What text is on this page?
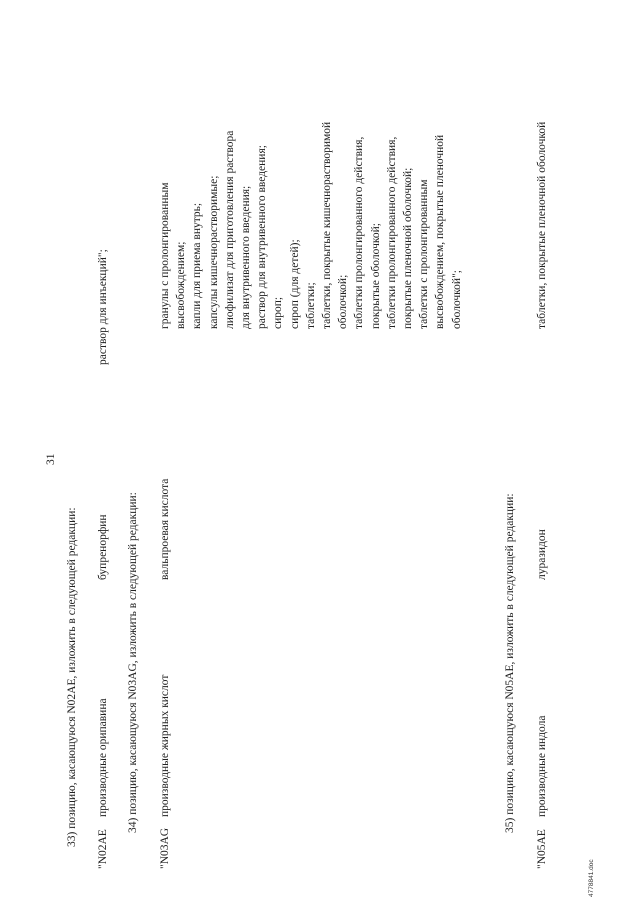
31
33) позицию, касающуюся N02AE, изложить в следующей редакции:
"N02AE
производные орипавина
бупренорфин
раствор для инъекций";
34) позицию, касающуюся N03AG, изложить в следующей редакции:
"N03AG
производные жирных кислот
вальпроевая кислота
гранулы с пролонгированным высвобождением; капли для приема внутрь; капсулы кишечнорастворимые; лиофилизат для приготовления раствора для внутривенного введения; раствор для внутривенного введения; сироп; сироп (для детей); таблетки; таблетки, покрытые кишечнорастворимой оболочкой; таблетки пролонгированного действия, покрытые оболочкой; таблетки пролонгированного действия, покрытые пленочной оболочкой; таблетки с пролонгированным высвобождением, покрытые пленочной оболочкой";
35) позицию, касающуюся N05AE, изложить в следующей редакции:
"N05AE
производные индола
луразидон
таблетки, покрытые пленочной оболочкой
4778841.doc
